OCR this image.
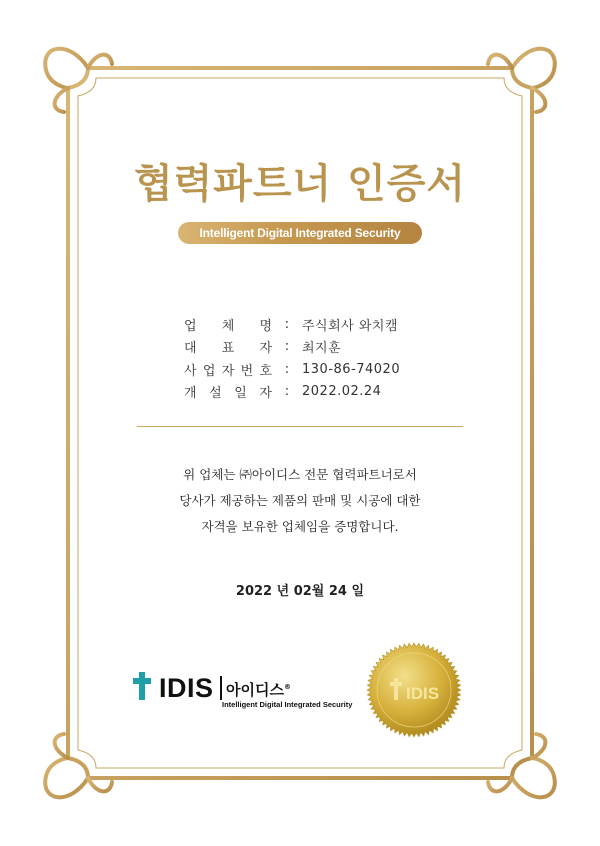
협력파트너 인증서
Intelligent Digital Integrated Security
업 체 명 : 주식회사 와치캠
대 표 자 : 최지훈
사 업 자 번 호 : 130-86-74020
개 설 일 자 : 2022.02.24
위 업체는 ㈜아이디스 전문 협력파트너로서
당사가 제공하는 제품의 판매 및 시공에 대한
자격을 보유한 업체임을 증명합니다.
2022 년 02월 24 일
IDIS 아이디스®
Intelligent Digital Integrated Security
IDIS
